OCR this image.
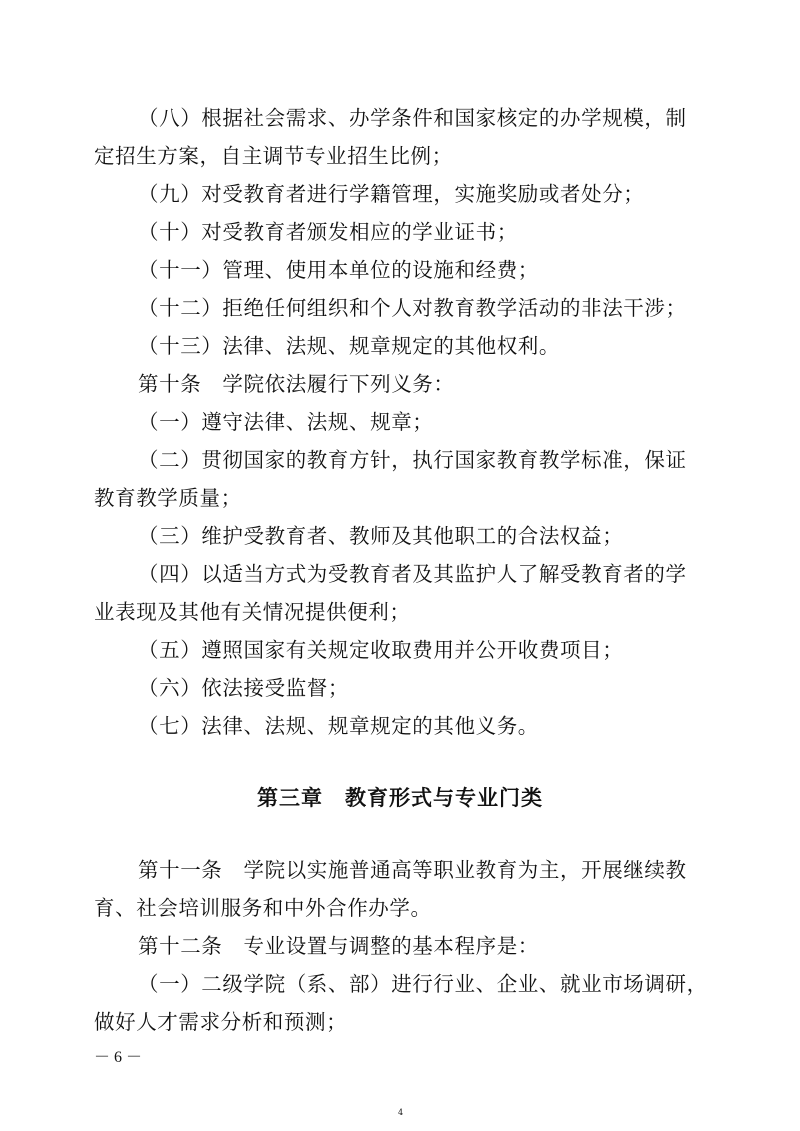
（八）根据社会需求、办学条件和国家核定的办学规模，制
定招生方案，自主调节专业招生比例；
（九）对受教育者进行学籍管理，实施奖励或者处分；
（十）对受教育者颁发相应的学业证书；
（十一）管理、使用本单位的设施和经费；
（十二）拒绝任何组织和个人对教育教学活动的非法干涉；
（十三）法律、法规、规章规定的其他权利。
第十条　学院依法履行下列义务：
（一）遵守法律、法规、规章；
（二）贯彻国家的教育方针，执行国家教育教学标准，保证
教育教学质量；
（三）维护受教育者、教师及其他职工的合法权益；
（四）以适当方式为受教育者及其监护人了解受教育者的学
业表现及其他有关情况提供便利；
（五）遵照国家有关规定收取费用并公开收费项目；
（六）依法接受监督；
（七）法律、法规、规章规定的其他义务。
第三章　教育形式与专业门类
第十一条　学院以实施普通高等职业教育为主，开展继续教
育、社会培训服务和中外合作办学。
第十二条　专业设置与调整的基本程序是：
（一）二级学院（系、部）进行行业、企业、就业市场调研，
做好人才需求分析和预测；
－ 6 －
4
